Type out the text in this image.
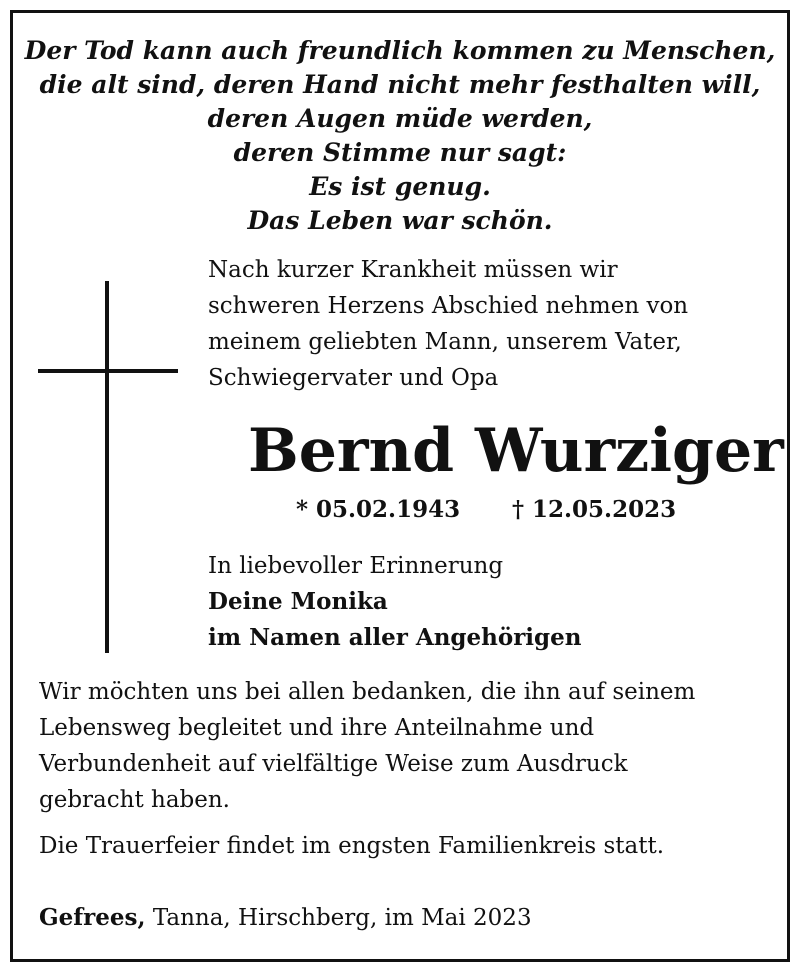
Der Tod kann auch freundlich kommen zu Menschen,
die alt sind, deren Hand nicht mehr festhalten will,
deren Augen müde werden,
deren Stimme nur sagt:
Es ist genug.
Das Leben war schön.
Nach kurzer Krankheit müssen wir
schweren Herzens Abschied nehmen von
meinem geliebten Mann, unserem Vater,
Schwiegervater und Opa
Bernd Wurziger
* 05.02.1943 † 12.05.2023
In liebevoller Erinnerung
Deine Monika
im Namen aller Angehörigen
Wir möchten uns bei allen bedanken, die ihn auf seinem
Lebensweg begleitet und ihre Anteilnahme und
Verbundenheit auf vielfältige Weise zum Ausdruck
gebracht haben.
Die Trauerfeier findet im engsten Familienkreis statt.
Gefrees, Tanna, Hirschberg, im Mai 2023
